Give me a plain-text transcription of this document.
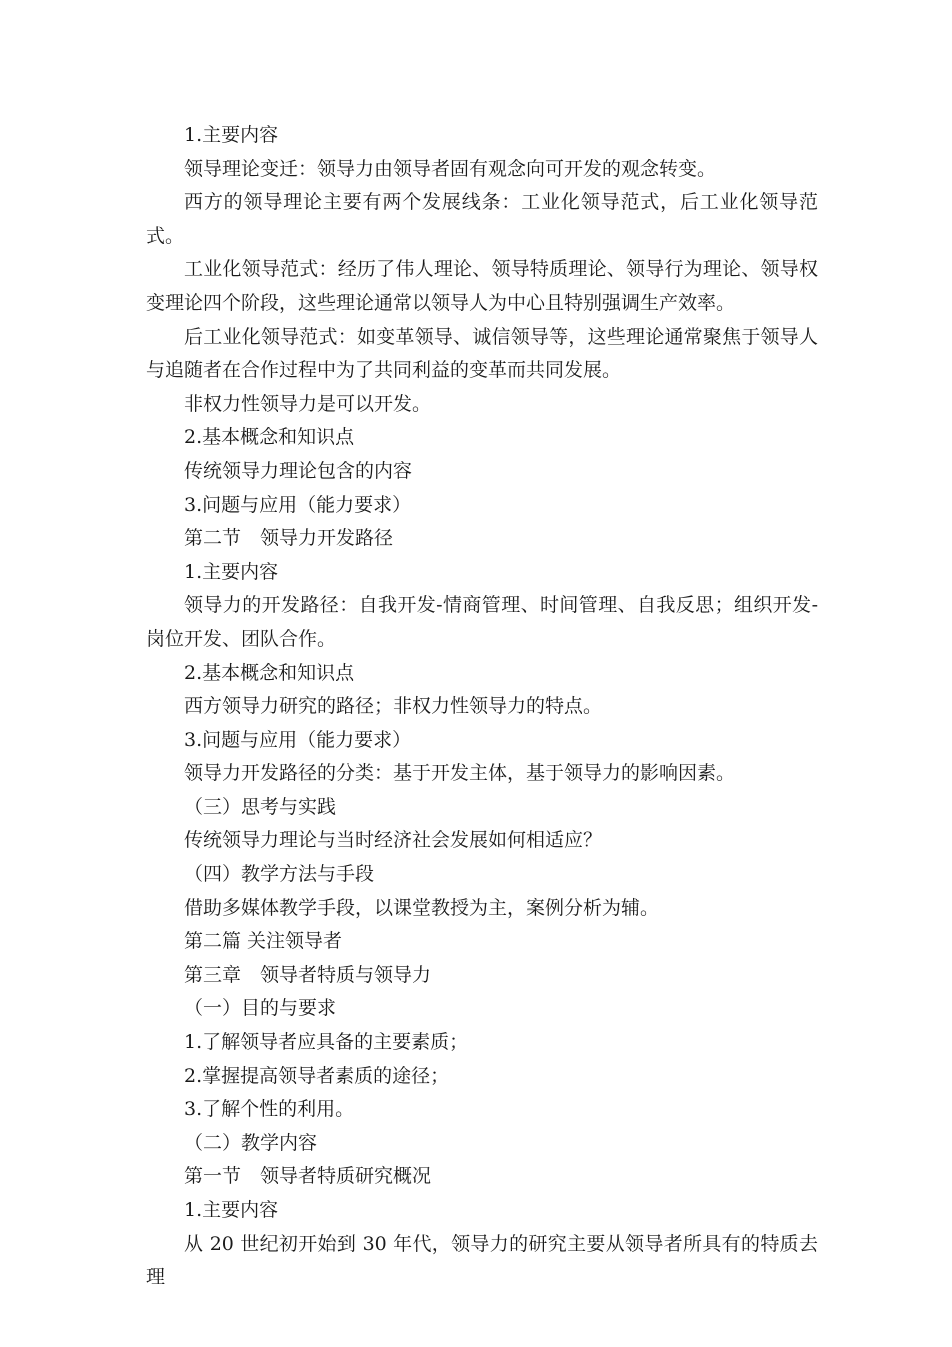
1.主要内容

领导理论变迁：领导力由领导者固有观念向可开发的观念转变。

西方的领导理论主要有两个发展线条：工业化领导范式，后工业化领导范式。

工业化领导范式：经历了伟人理论、领导特质理论、领导行为理论、领导权变理论四个阶段，这些理论通常以领导人为中心且特别强调生产效率。

后工业化领导范式：如变革领导、诚信领导等，这些理论通常聚焦于领导人与追随者在合作过程中为了共同利益的变革而共同发展。

非权力性领导力是可以开发。

2.基本概念和知识点

传统领导力理论包含的内容

3.问题与应用（能力要求）

第二节　领导力开发路径

1.主要内容

领导力的开发路径：自我开发-情商管理、时间管理、自我反思；组织开发-岗位开发、团队合作。

2.基本概念和知识点

西方领导力研究的路径；非权力性领导力的特点。

3.问题与应用（能力要求）

领导力开发路径的分类：基于开发主体，基于领导力的影响因素。

（三）思考与实践

传统领导力理论与当时经济社会发展如何相适应？

（四）教学方法与手段

借助多媒体教学手段，以课堂教授为主，案例分析为辅。

第二篇 关注领导者

第三章　领导者特质与领导力

（一）目的与要求

1.了解领导者应具备的主要素质；

2.掌握提高领导者素质的途径；

3.了解个性的利用。

（二）教学内容

第一节　领导者特质研究概况

1.主要内容

从 20 世纪初开始到 30 年代，领导力的研究主要从领导者所具有的特质去理
